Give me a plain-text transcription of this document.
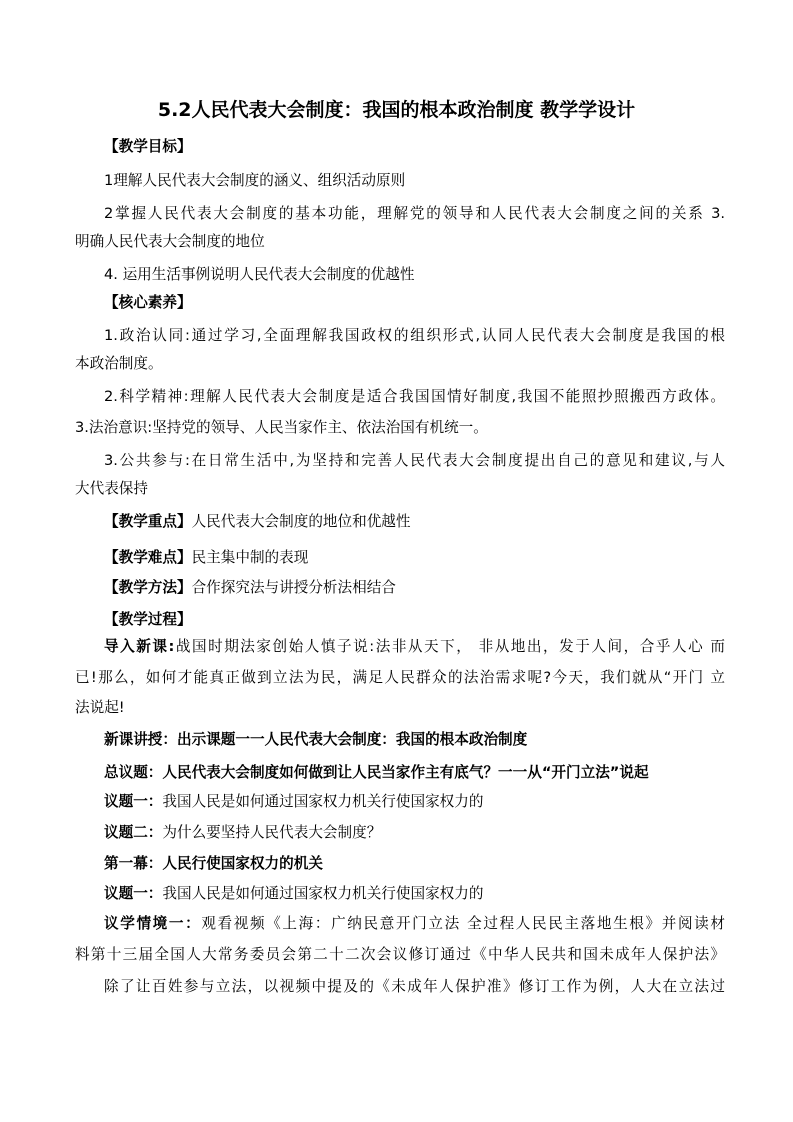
5.2人民代表大会制度：我国的根本政治制度 教学学设计
【教学目标】
1理解人民代表大会制度的涵义、组织活动原则
2掌握人民代表大会制度的基本功能，理解党的领导和人民代表大会制度之间的关系 3.
明确人民代表大会制度的地位
4. 运用生活事例说明人民代表大会制度的优越性
【核心素养】
1.政治认同:通过学习,全面理解我国政权的组织形式,认同人民代表大会制度是我国的根
本政治制度。
2.科学精神:理解人民代表大会制度是适合我国国情好制度,我国不能照抄照搬西方政体。
3.法治意识:坚持党的领导、人民当家作主、依法治国有机统一。
3.公共参与:在日常生活中,为坚持和完善人民代表大会制度提出自己的意见和建议,与人
大代表保持
【教学重点】人民代表大会制度的地位和优越性
【教学难点】民主集中制的表现
【教学方法】合作探究法与讲授分析法相结合
【教学过程】
导入新课:战国时期法家创始人慎子说:法非从天下， 非从地出，发于人间，合乎人心 而
已!那么，如何才能真正做到立法为民，满足人民群众的法治需求呢?今天，我们就从“开门 立
法说起!
新课讲授：出示课题一一人民代表大会制度：我国的根本政治制度
总议题：人民代表大会制度如何做到让人民当家作主有底气？一一从“开门立法”说起
议题一：我国人民是如何通过国家权力机关行使国家权力的
议题二：为什么要坚持人民代表大会制度？
第一幕：人民行使国家权力的机关
议题一：我国人民是如何通过国家权力机关行使国家权力的
议学情境一：观看视频《上海：广纳民意开门立法 全过程人民民主落地生根》并阅读材
料第十三届全国人大常务委员会第二十二次会议修订通过《中华人民共和国未成年人保护法》
除了让百姓参与立法，以视频中提及的《未成年人保护准》修订工作为例，人大在立法过
